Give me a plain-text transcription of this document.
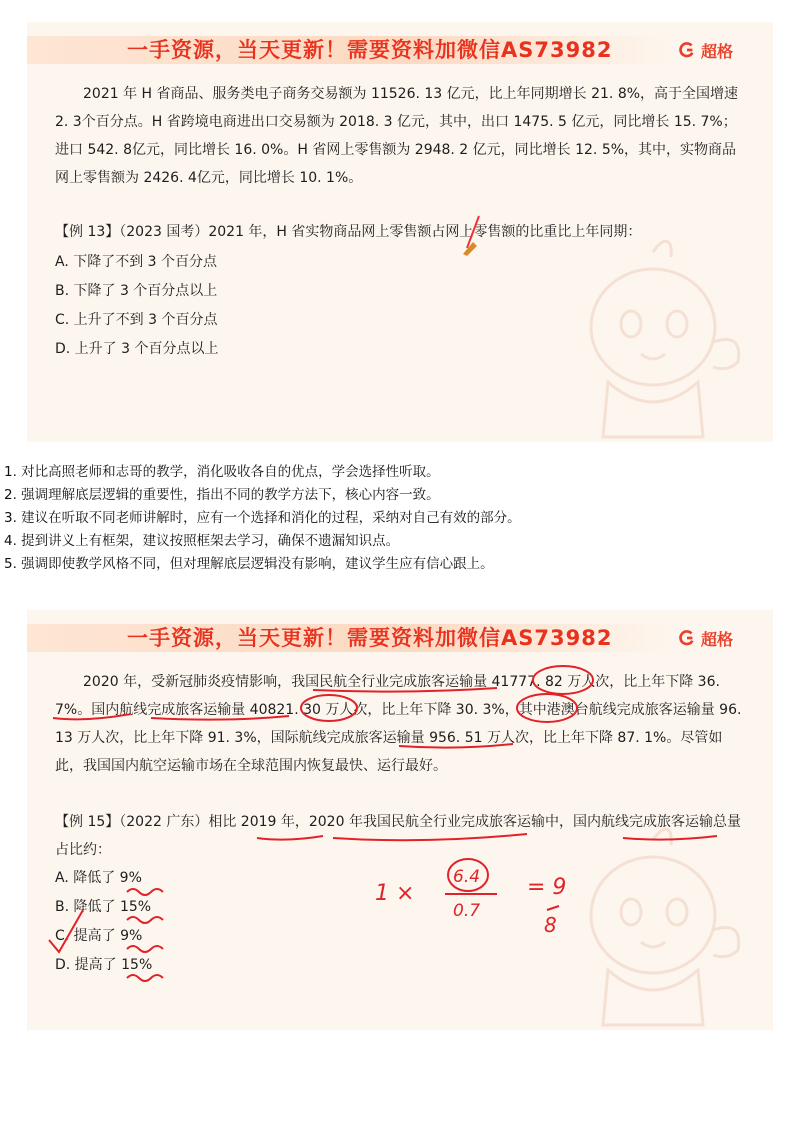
一手资源，当天更新！需要资料加微信AS73982	超格

2021 年 H 省商品、服务类电子商务交易额为 11526. 13 亿元，比上年同期增长 21. 8%，高于全国增速 2. 3个百分点。H 省跨境电商进出口交易额为 2018. 3 亿元，其中，出口 1475. 5 亿元，同比增长 15. 7%；进口 542. 8亿元，同比增长 16. 0%。H 省网上零售额为 2948. 2 亿元，同比增长 12. 5%，其中，实物商品网上零售额为 2426. 4亿元，同比增长 10. 1%。

【例 13】（2023 国考）2021 年，H 省实物商品网上零售额占网上零售额的比重比上年同期：

A. 下降了不到 3 个百分点
B. 下降了 3 个百分点以上
C. 上升了不到 3 个百分点
D. 上升了 3 个百分点以上
1. 对比高照老师和志哥的教学，消化吸收各自的优点，学会选择性听取。
2. 强调理解底层逻辑的重要性，指出不同的教学方法下，核心内容一致。
3. 建议在听取不同老师讲解时，应有一个选择和消化的过程，采纳对自己有效的部分。
4. 提到讲义上有框架，建议按照框架去学习，确保不遗漏知识点。
5. 强调即使教学风格不同，但对理解底层逻辑没有影响，建议学生应有信心跟上。
一手资源，当天更新！需要资料加微信AS73982	超格

2020 年，受新冠肺炎疫情影响，我国民航全行业完成旅客运输量 41777. 82 万人次，比上年下降 36. 7%。国内航线完成旅客运输量 40821. 30 万人次，比上年下降 30. 3%，其中港澳台航线完成旅客运输量 96. 13 万人次，比上年下降 91. 3%，国际航线完成旅客运输量 956. 51 万人次，比上年下降 87. 1%。尽管如此，我国国内航空运输市场在全球范围内恢复最快、运行最好。

【例 15】（2022 广东）相比 2019 年，2020 年我国民航全行业完成旅客运输中，国内航线完成旅客运输总量占比约：

A. 降低了 9%
B. 降低了 15%
C. 提高了 9%
D. 提高了 15%
1 ×
6.4
0.7
= 9
8
